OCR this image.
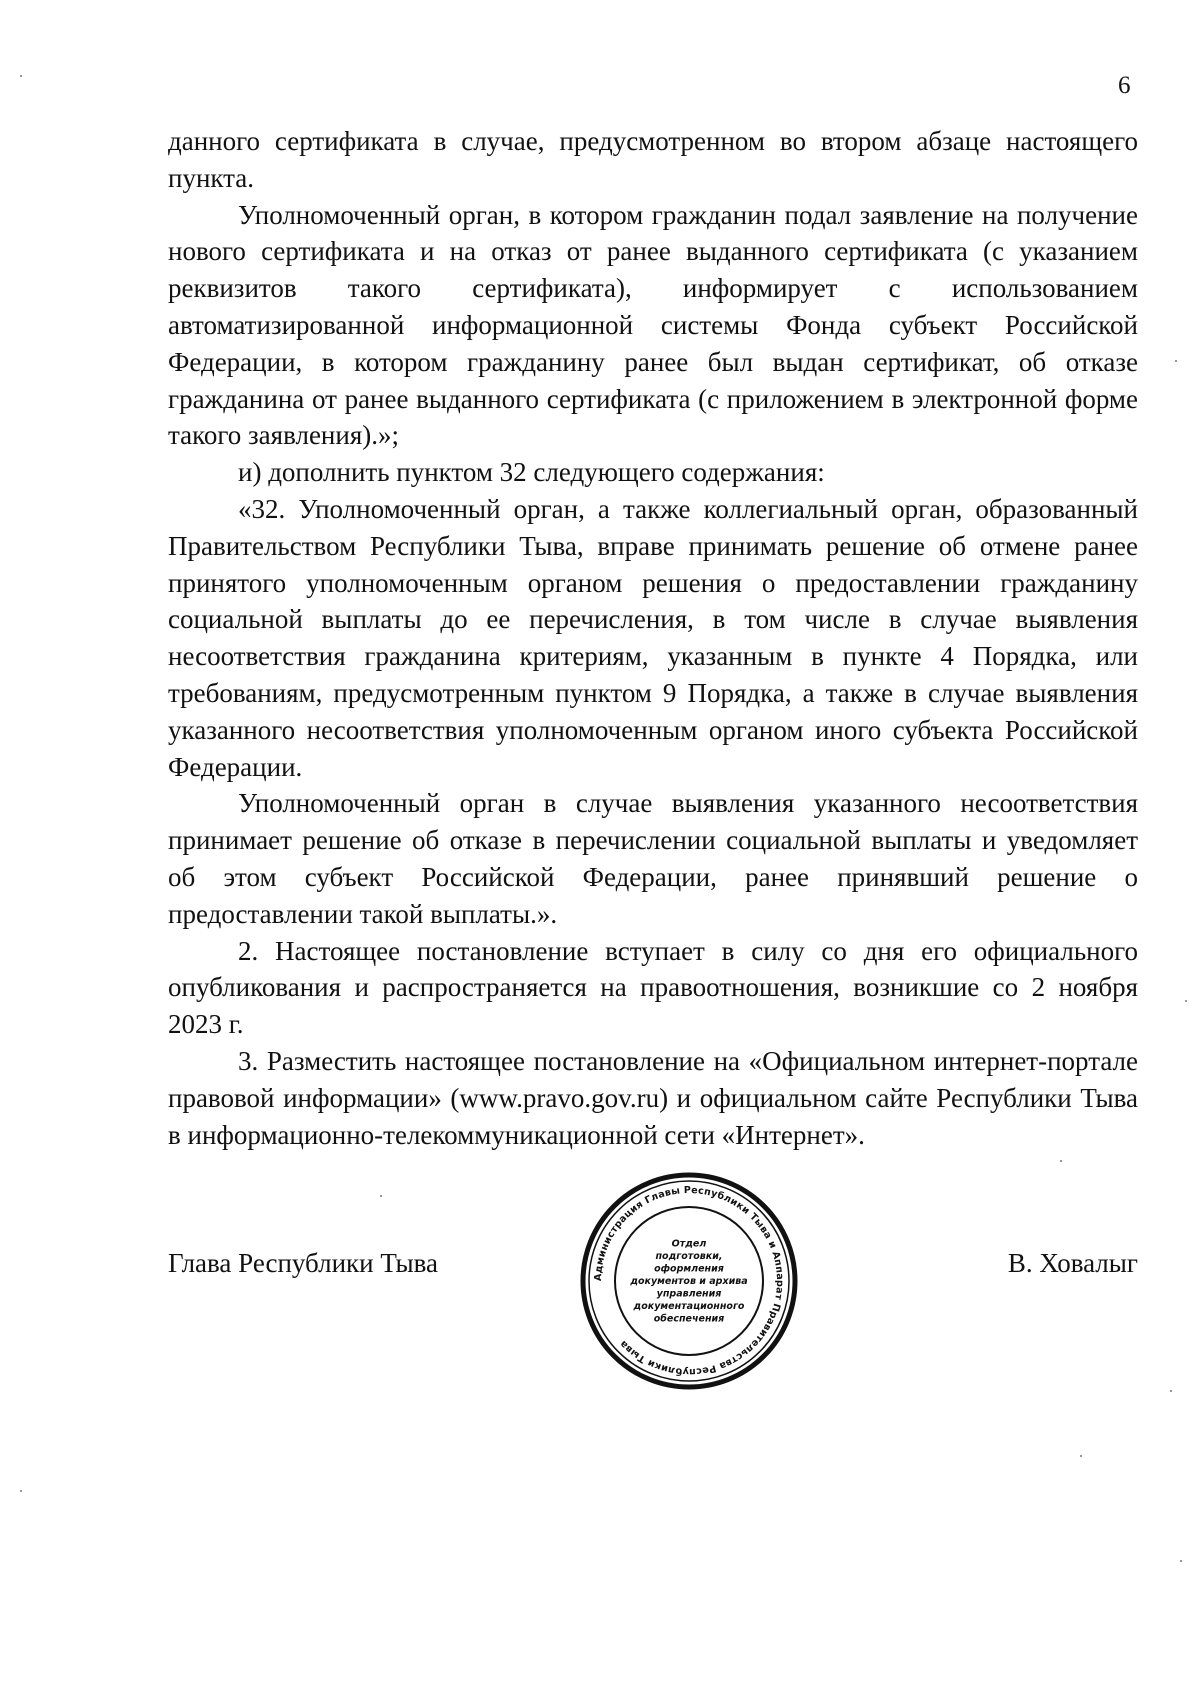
6

данного сертификата в случае, предусмотренном во втором абзаце настоящего пункта.

Уполномоченный орган, в котором гражданин подал заявление на получение нового сертификата и на отказ от ранее выданного сертификата (с указанием реквизитов такого сертификата), информирует с использованием автоматизированной информационной системы Фонда субъект Российской Федерации, в котором гражданину ранее был выдан сертификат, об отказе гражданина от ранее выданного сертификата (с приложением в электронной форме такого заявления).»;

и) дополнить пунктом 32 следующего содержания:

«32. Уполномоченный орган, а также коллегиальный орган, образованный Правительством Республики Тыва, вправе принимать решение об отмене ранее принятого уполномоченным органом решения о предоставлении гражданину социальной выплаты до ее перечисления, в том числе в случае выявления несоответствия гражданина критериям, указанным в пункте 4 Порядка, или требованиям, предусмотренным пунктом 9 Порядка, а также в случае выявления указанного несоответствия уполномоченным органом иного субъекта Российской Федерации.

Уполномоченный орган в случае выявления указанного несоответствия принимает решение об отказе в перечислении социальной выплаты и уведомляет об этом субъект Российской Федерации, ранее принявший решение о предоставлении такой выплаты.».

2. Настоящее постановление вступает в силу со дня его официального опубликования и распространяется на правоотношения, возникшие со 2 ноября 2023 г.

3. Разместить настоящее постановление на «Официальном интернет-портале правовой информации» (www.pravo.gov.ru) и официальном сайте Республики Тыва в информационно-телекоммуникационной сети «Интернет».

Глава Республики Тыва	Администрация Главы Республики Тыва и Аппарат Правительства Республики Тыва
Отдел
подготовки,
оформления
документов и архива
управления
документационного
обеспечения
В. Ховалыг
